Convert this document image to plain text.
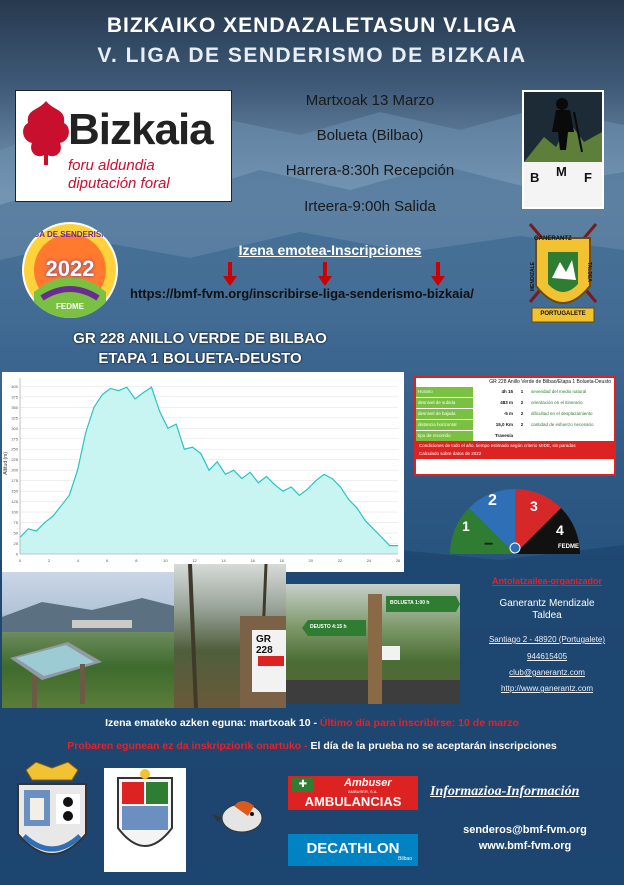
BIZKAIKO XENDAZALETASUN V.LIGA
V. LIGA DE SENDERISMO DE BIZKAIA
Bizkaia
foru aldundia
diputación foral
Martxoak 13 Marzo
Bolueta (Bilbao)
Harrera-8:30h Recepción
Irteera-9:00h Salida
B M F
LIGA DE SENDERISMO
2022
FEDME
Izena emotea-Inscripciones
https://bmf-fvm.org/inscribirse-liga-senderismo-bizkaia/
GANERANTZ
MENDIZALE	TALDEA
PORTUGALETE
GR 228 ANILLO VERDE DE BILBAO
ETAPA 1 BOLUETA-DEUSTO
0
25
50
75
100
125
150
175
200
225
250
275
300
325
350
375
400
0	2	4	6	8	10	12	14	16	18	20	22	24	26
Altitud (m)
GR 228 Anillo Verde de Bilbao/Etapa 1 Bolueta-Deusto
Horario	4h 15	1	severidad del medio natural
desnivel de subida	483 m	2	orientación en el itinerario
desnivel de bajada	-5 m	2	dificultad en el desplazamiento
distancia horizontal	15,0 Km	2	cantidad de esfuerzo necesario
tipo de recorrido	Travesía
Condiciones de todo el año. tiempo estimado según criterio MIDE, sin paradas
Calculado sobre datos de 2022
1
2 3
4
−	+ FEDME
GR 228
BOLUETA 1:00 h
DEUSTO 4:15 h
Antolatzailea-organizador
Ganerantz Mendizale
Taldea
Santiago 2 - 48920 (Portugalete)
944615405
club@ganerantz.com
http://www.ganerantz.com
Izena emateko azken eguna: martxoak 10 - Último día para inscribirse: 10 de marzo
Probaren egunean ez da inskripziorik onartuko - El día de la prueba no se aceptarán inscripciones
✚	Ambuser
AMBUSER, S.A.
AMBULANCIAS
DECATHLON
Bilbao
Informazioa-Información
senderos@bmf-fvm.org
www.bmf-fvm.org
